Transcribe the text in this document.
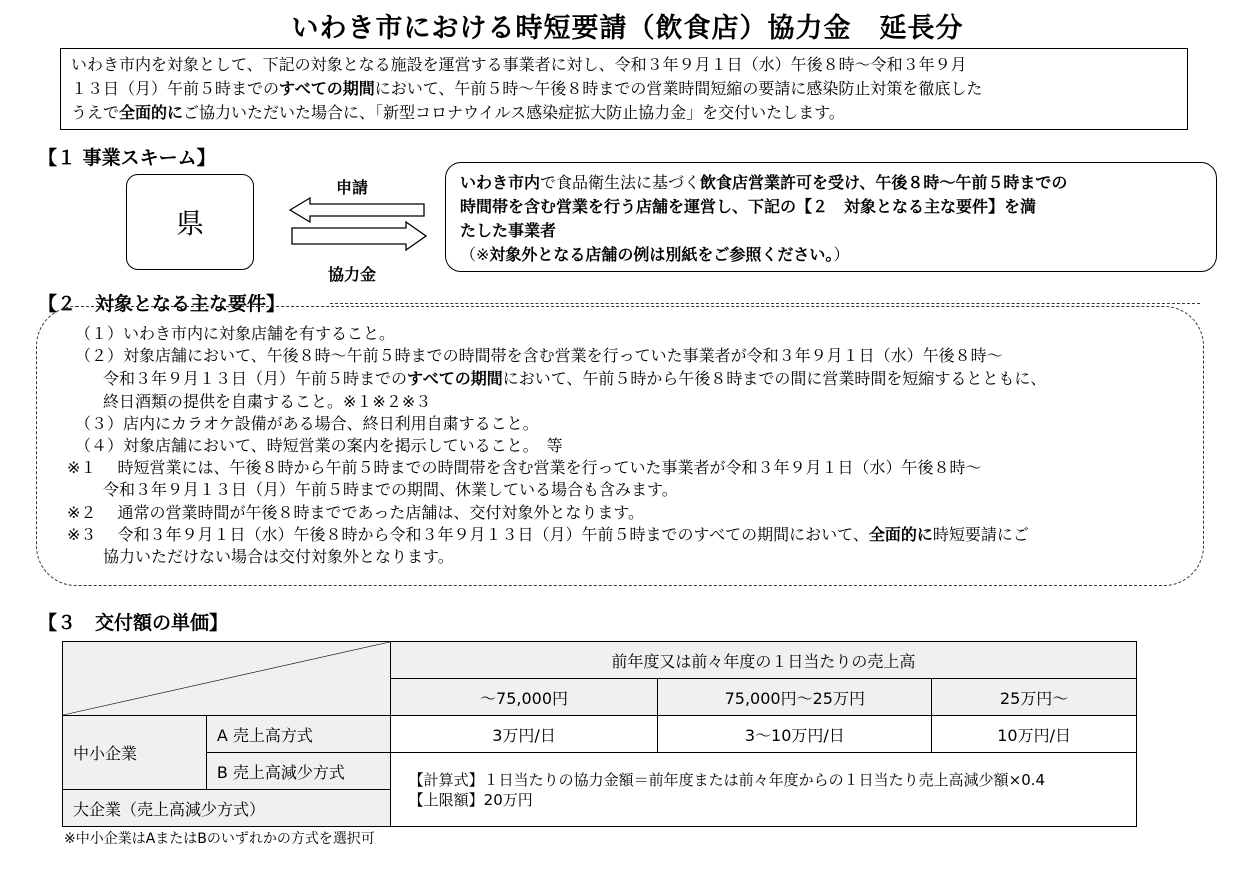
いわき市における時短要請（飲食店）協力金　延長分
いわき市内を対象として、下記の対象となる施設を運営する事業者に対し、令和３年９月１日（水）午後８時～令和３年９月
１３日（月）午前５時までのすべての期間において、午前５時～午後８時までの営業時間短縮の要請に感染防止対策を徹底した
うえで全面的にご協力いただいた場合に、「新型コロナウイルス感染症拡大防止協力金」を交付いたします。
【１ 事業スキーム】
県
申請
協力金
いわき市内で食品衛生法に基づく飲食店営業許可を受け、午後８時～午前５時までの
時間帯を含む営業を行う店舗を運営し、下記の【２　対象となる主な要件】を満
たした事業者
（※対象外となる店舗の例は別紙をご参照ください。）
【２　対象となる主な要件】
（１）いわき市内に対象店舗を有すること。
（２）対象店舗において、午後８時～午前５時までの時間帯を含む営業を行っていた事業者が令和３年９月１日（水）午後８時～
令和３年９月１３日（月）午前５時までのすべての期間において、午前５時から午後８時までの間に営業時間を短縮するとともに、
終日酒類の提供を自粛すること。※１※２※３
（３）店内にカラオケ設備がある場合、終日利用自粛すること。
（４）対象店舗において、時短営業の案内を掲示していること。　等
※１　 時短営業には、午後８時から午前５時までの時間帯を含む営業を行っていた事業者が令和３年９月１日（水）午後８時～
令和３年９月１３日（月）午前５時までの期間、休業している場合も含みます。
※２　 通常の営業時間が午後８時までであった店舗は、交付対象外となります。
※３　 令和３年９月１日（水）午後８時から令和３年９月１３日（月）午前５時までのすべての期間において、全面的に時短要請にご
協力いただけない場合は交付対象外となります。
【３　交付額の単価】
	前年度又は前々年度の１日当たりの売上高		
		～75,000円	75,000円～25万円	25万円～
中小企業	A 売上高方式	3万円/日	3～10万円/日	10万円/日
	B 売上高減少方式	【計算式】１日当たりの協力金額＝前年度または前々年度からの１日当たり売上高減少額×0.4
【上限額】20万円		

大企業（売上高減少方式）				
※中小企業はAまたはBのいずれかの方式を選択可
